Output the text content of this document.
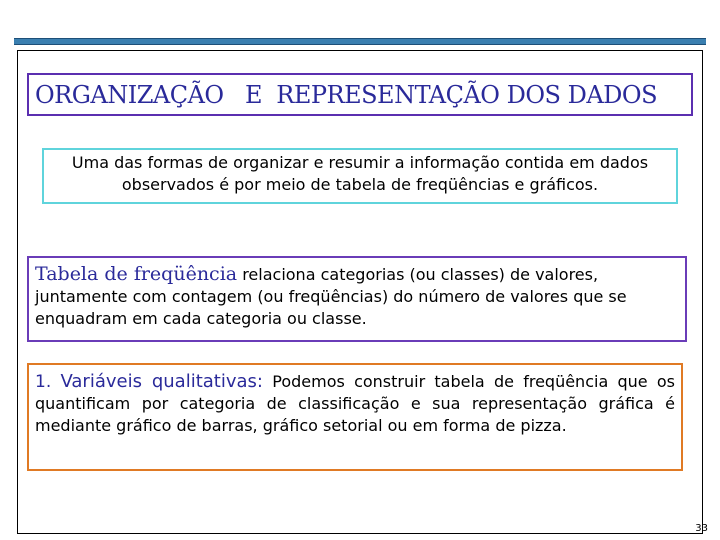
ORGANIZAÇÃO   E  REPRESENTAÇÃO DOS DADOS
Uma das formas de organizar e resumir a informação contida em dados observados é por meio de tabela de freqüências e gráficos.
Tabela de freqüência relaciona categorias (ou classes) de valores, juntamente com contagem (ou freqüências) do número de valores que se enquadram em cada categoria ou classe.
1. Variáveis qualitativas: Podemos construir tabela de freqüência que os quantificam por categoria de classificação e sua representação gráfica é mediante gráfico de barras, gráfico setorial ou em forma de pizza.
33
